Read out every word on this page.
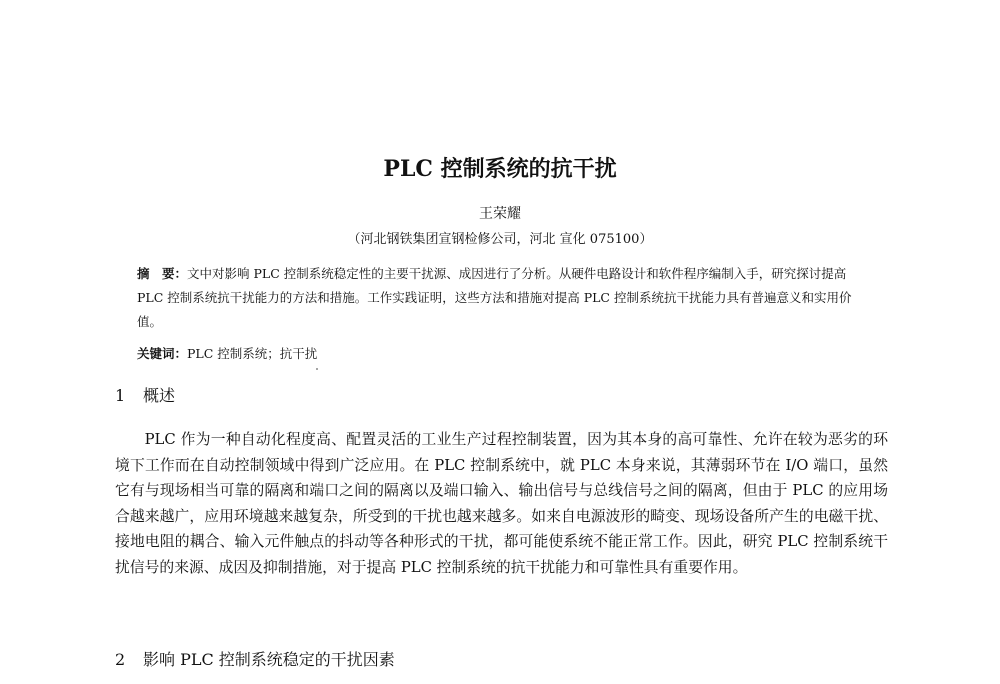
PLC 控制系统的抗干扰
王荣耀
（河北钢铁集团宣钢检修公司，河北 宣化 075100）
摘　要：文中对影响 PLC 控制系统稳定性的主要干扰源、成因进行了分析。从硬件电路设计和软件程序编制入手，研究探讨提高 PLC 控制系统抗干扰能力的方法和措施。工作实践证明，这些方法和措施对提高 PLC 控制系统抗干扰能力具有普遍意义和实用价值。
关键词：PLC 控制系统；抗干扰
1 概述
PLC 作为一种自动化程度高、配置灵活的工业生产过程控制装置，因为其本身的高可靠性、允许在较为恶劣的环境下工作而在自动控制领域中得到广泛应用。在 PLC 控制系统中，就 PLC 本身来说，其薄弱环节在 I/O 端口，虽然它有与现场相当可靠的隔离和端口之间的隔离以及端口输入、输出信号与总线信号之间的隔离，但由于 PLC 的应用场合越来越广，应用环境越来越复杂，所受到的干扰也越来越多。如来自电源波形的畸变、现场设备所产生的电磁干扰、接地电阻的耦合、输入元件触点的抖动等各种形式的干扰，都可能使系统不能正常工作。因此，研究 PLC 控制系统干扰信号的来源、成因及抑制措施，对于提高 PLC 控制系统的抗干扰能力和可靠性具有重要作用。
2 影响 PLC 控制系统稳定的干扰因素
